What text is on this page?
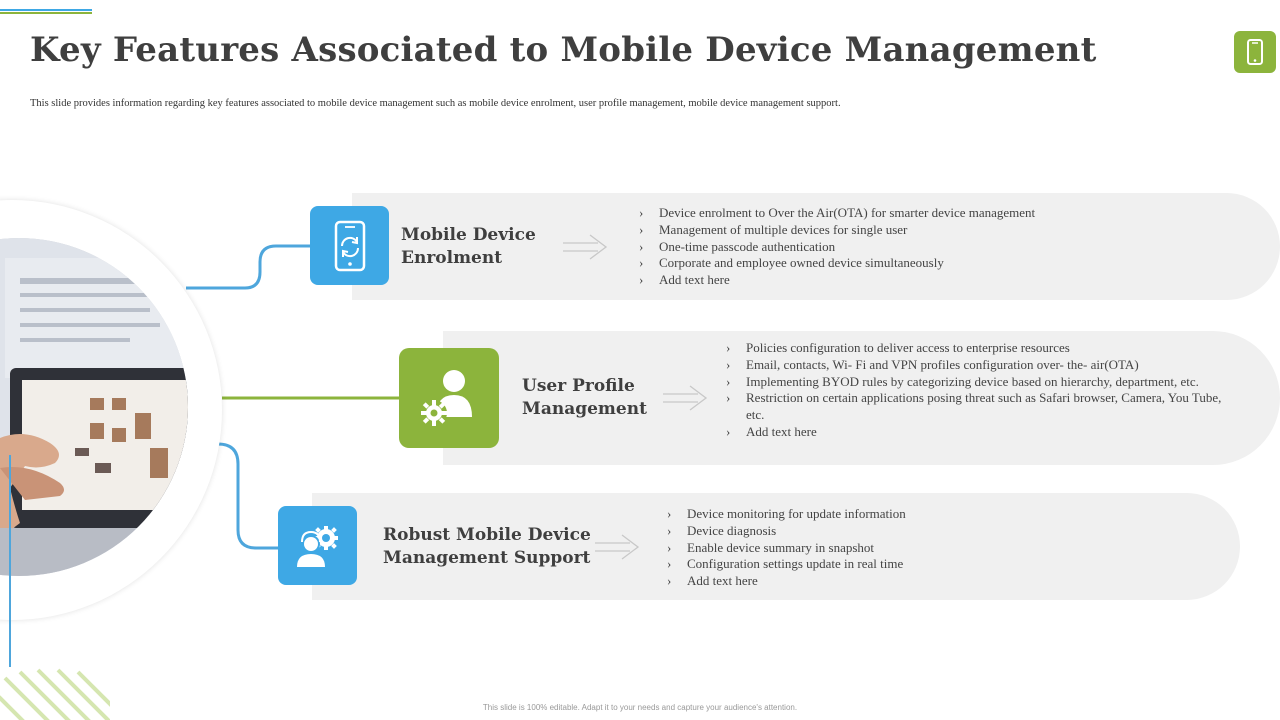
Key Features Associated to Mobile Device Management

This slide provides information regarding key features associated to mobile device management such as mobile device enrolment, user profile management, mobile device management support.

Mobile Device
Enrolment
› Device enrolment to Over the Air(OTA) for smarter device management
› Management of multiple devices for single user
› One-time passcode authentication
› Corporate and employee owned device simultaneously
› Add text here
User Profile
Management
› Policies configuration to deliver access to enterprise resources
› Email, contacts, Wi- Fi and VPN profiles configuration over- the- air(OTA)
› Implementing BYOD rules by categorizing device based on hierarchy, department, etc.
› Restriction on certain applications posing threat such as Safari browser, Camera, You Tube, etc.
› Add text here
Robust Mobile Device
Management Support
› Device monitoring for update information
› Device diagnosis
› Enable device summary in snapshot
› Configuration settings update in real time
› Add text here
This slide is 100% editable. Adapt it to your needs and capture your audience's attention.
